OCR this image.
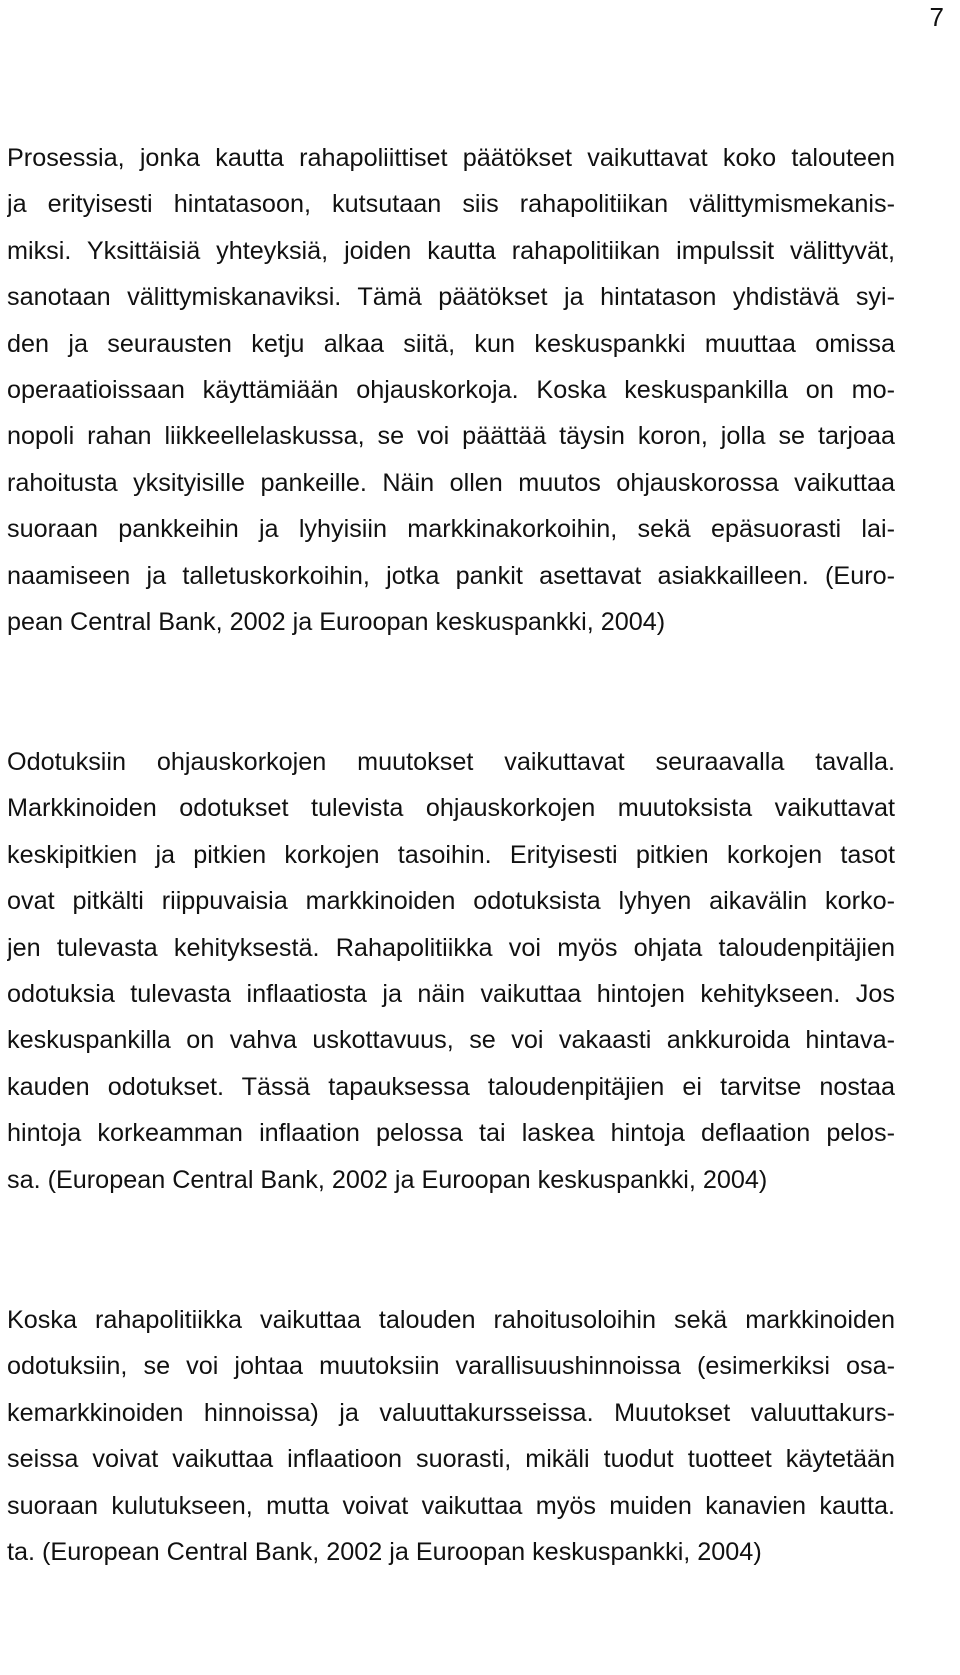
7
Prosessia, jonka kautta rahapoliittiset päätökset vaikuttavat koko talouteen
ja erityisesti hintatasoon, kutsutaan siis rahapolitiikan välittymismekanis-
miksi. Yksittäisiä yhteyksiä, joiden kautta rahapolitiikan impulssit välittyvät,
sanotaan välittymiskanaviksi. Tämä päätökset ja hintatason yhdistävä syi-
den ja seurausten ketju alkaa siitä, kun keskuspankki muuttaa omissa
operaatioissaan käyttämiään ohjauskorkoja. Koska keskuspankilla on mo-
nopoli rahan liikkeellelaskussa, se voi päättää täysin koron, jolla se tarjoaa
rahoitusta yksityisille pankeille. Näin ollen muutos ohjauskorossa vaikuttaa
suoraan pankkeihin ja lyhyisiin markkinakorkoihin, sekä epäsuorasti lai-
naamiseen ja talletuskorkoihin, jotka pankit asettavat asiakkailleen. (Euro-
pean Central Bank, 2002 ja Euroopan keskuspankki, 2004)
Odotuksiin ohjauskorkojen muutokset vaikuttavat seuraavalla tavalla.
Markkinoiden odotukset tulevista ohjauskorkojen muutoksista vaikuttavat
keskipitkien ja pitkien korkojen tasoihin. Erityisesti pitkien korkojen tasot
ovat pitkälti riippuvaisia markkinoiden odotuksista lyhyen aikavälin korko-
jen tulevasta kehityksestä. Rahapolitiikka voi myös ohjata taloudenpitäjien
odotuksia tulevasta inflaatiosta ja näin vaikuttaa hintojen kehitykseen. Jos
keskuspankilla on vahva uskottavuus, se voi vakaasti ankkuroida hintava-
kauden odotukset. Tässä tapauksessa taloudenpitäjien ei tarvitse nostaa
hintoja korkeamman inflaation pelossa tai laskea hintoja deflaation pelos-
sa. (European Central Bank, 2002 ja Euroopan keskuspankki, 2004)
Koska rahapolitiikka vaikuttaa talouden rahoitusoloihin sekä markkinoiden
odotuksiin, se voi johtaa muutoksiin varallisuushinnoissa (esimerkiksi osa-
kemarkkinoiden hinnoissa) ja valuuttakursseissa. Muutokset valuuttakurs-
seissa voivat vaikuttaa inflaatioon suorasti, mikäli tuodut tuotteet käytetään
suoraan kulutukseen, mutta voivat vaikuttaa myös muiden kanavien kautta.
ta. (European Central Bank, 2002 ja Euroopan keskuspankki, 2004)
